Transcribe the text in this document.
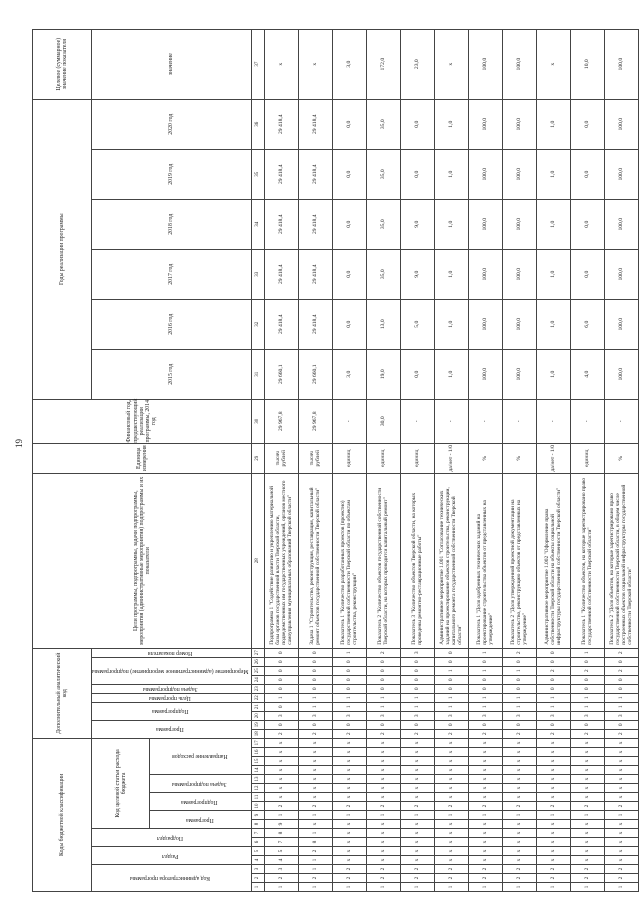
19
Коды бюджетной классификации																	Дополнительный аналитический код										Цели программы, подпрограммы, задачи подпрограммы, мероприятия (административные мероприятия) подпрограммы и их показатели	Единица измерения	Финансовый год, предшествующий реализации программы, 2014 год	Годы реализации программы						Целевое (суммарное) значение показателя
Код администратора программы			Раздел		Подраздел		Код целевой статьи расхода бюджета										Программа		Подпрограмма		Цель программы	Задача подпрограммы	Мероприятие (административное мероприятие) подпрограммы			Номер показателя				2015 год	2016 год	2017 год	2018 год	2019 год	2020 год	значение
							Программа		Подпрограмма		Задача подпрограммы		Направление расходов																							
1	2	3	4	5	6	7	8	9	10	11	12	13	14	15	16	17	18	19	20	21	22	23	24	25	26	27	28	29	30	31	32	33	34	35	36	37
1	2	3	4	5	7	8	9	1	2	x	x	x	x	x	x	x	2	0	3	0	1	0	0	0	0	0	Подпрограмма 1 "Содействие развитию и укреплению материальной базы органов государственной власти Тверской области, подведомственных им государственных учреждений, органов местного самоуправления муниципальных образований Тверской области"	тысяч рублей	29 967,8	29 660,1	29 418,4	29 418,4	29 418,4	29 418,4	29 418,4	x
1	2	1	1	2	8	1	x	1	2	x	x	x	x	x	x	x	2	0	3	1	1	0	0	0	0	0	Задача 1 "Строительство, реконструкция, реставрация, капитальный ремонт объектов государственной собственности Тверской области"	тысяч рублей	29 967,8	29 660,1	29 418,4	29 418,4	29 418,4	29 418,4	29 418,4	x
1	2	2	x	x	x	x	x	1	2	x	x	x	x	x	x	x	2	0	3	1	1	0	0	0	0	1	Показатель 1 "Количество разработанных проектов (проектно) государственной собственности Тверской области по объектам строительства, реконструкции"	единиц	-	3,0	0,0	0,0	0,0	0,0	0,0	3,0
1	2	2	x	x	x	x	x	1	2	x	x	x	x	x	x	x	2	0	3	1	1	0	0	0	0	2	Показатель 2 "Количество объектов государственной собственности Тверской области, на которых проводится капитальный ремонт"	единиц	30,0	19,0	13,0	35,0	35,0	35,0	35,0	172,0
1	2	2	x	x	x	x	x	1	2	x	x	x	x	x	x	x	2	0	3	1	1	0	0	0	0	3	Показатель 3 "Количество объектов Тверской области, на которых проведены ремонтно-реставрационные работы"	единиц	-	0,0	5,0	9,0	9,0	0,0	0,0	23,0
1	2	2	x	x	x	x	x	1	2	x	x	x	x	x	x	x	2	0	3	1	1	0	0	1	0	0	Административное мероприятие 1.001 "Согласование технических заданий на проектирование объектов строительства, реконструкции, капитального ремонта государственной собственности Тверской области"	да/нет - 1/0	-	1,0	1,0	1,0	1,0	1,0	1,0	x
1	2	2	x	x	x	x	x	1	2	x	x	x	x	x	x	x	2	0	3	1	1	0	0	1	0	1	Показатель 1 "Доля одобренных технических заданий на проектирование строительства объектов от представленных на утверждение"	%	-	100,0	100,0	100,0	100,0	100,0	100,0	100,0
1	2	2	x	x	x	x	x	1	2	x	x	x	x	x	x	x	2	0	3	1	1	0	0	1	0	2	Показатель 2 "Доля утвержденной проектной документации на строительство, реконструкцию объектов от представленных на утверждение"	%	-	100,0	100,0	100,0	100,0	100,0	100,0	100,0
1	2	2	x	x	x	x	x	1	2	x	x	x	x	x	x	x	2	0	3	1	1	0	0	2	0	0	Административное мероприятие 1.002 "Оформление права собственности Тверской области на объекты социальной инфраструктуры государственной собственности Тверской области"	да/нет - 1/0	-	1,0	1,0	1,0	1,0	1,0	1,0	x
1	2	2	x	x	x	x	x	1	2	x	x	x	x	x	x	x	2	0	3	1	1	0	0	2	0	1	Показатель 1 "Количество объектов, на которые зарегистрировано право государственной собственности Тверской области"	единиц	-	4,0	6,0	0,0	0,0	0,0	0,0	10,0
1	2	2	x	x	x	x	x	1	2	x	x	x	x	x	x	x	2	0	3	1	1	0	0	2	0	2	Показатель 2 "Доля объектов, на которые зарегистрировано право государственной собственности Тверской области, в общем числе построенных объектов социальной инфраструктуры государственной собственности Тверской области"	%	-	100,0	100,0	100,0	100,0	100,0	100,0	100,0
